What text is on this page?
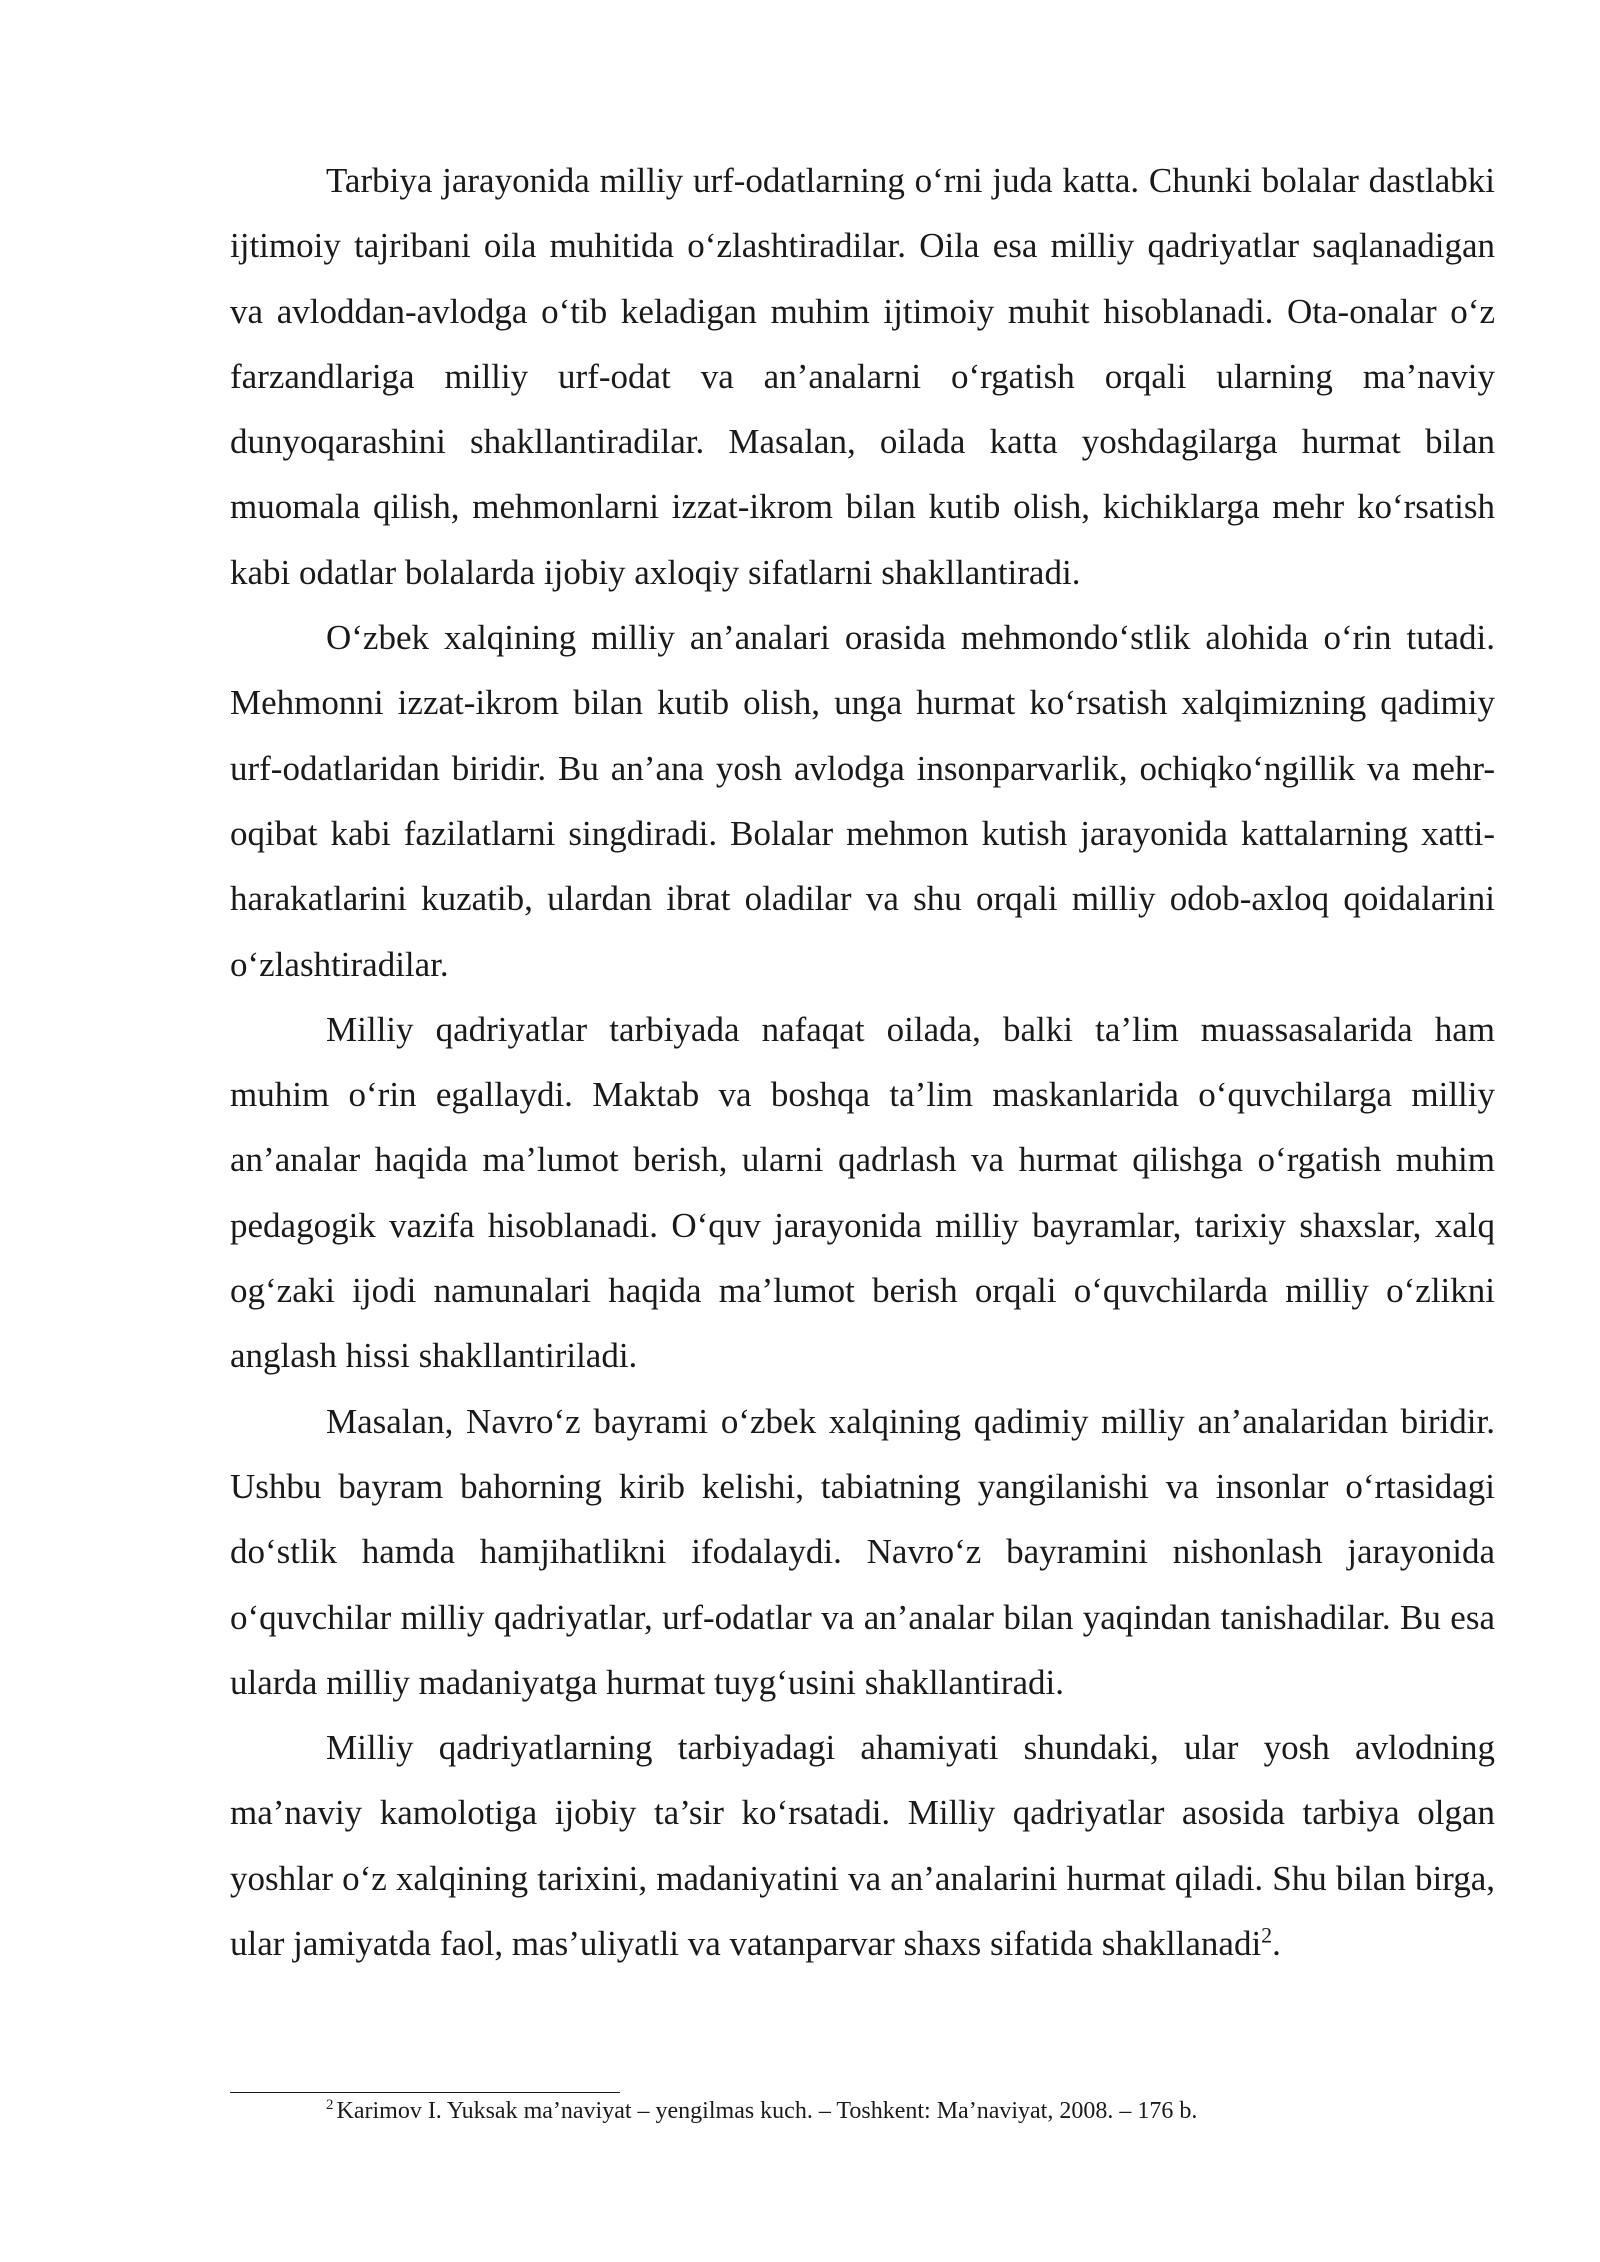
Tarbiya jarayonida milliy urf-odatlarning o‘rni juda katta. Chunki bolalar dastlabki ijtimoiy tajribani oila muhitida o‘zlashtiradilar. Oila esa milliy qadriyatlar saqlanadigan va avloddan-avlodga o‘tib keladigan muhim ijtimoiy muhit hisoblanadi. Ota-onalar o‘z farzandlariga milliy urf-odat va an’analarni o‘rgatish orqali ularning ma’naviy dunyoqarashini shakllantiradilar. Masalan, oilada katta yoshdagilarga hurmat bilan muomala qilish, mehmonlarni izzat-ikrom bilan kutib olish, kichiklarga mehr ko‘rsatish kabi odatlar bolalarda ijobiy axloqiy sifatlarni shakllantiradi.

O‘zbek xalqining milliy an’analari orasida mehmondo‘stlik alohida o‘rin tutadi. Mehmonni izzat-ikrom bilan kutib olish, unga hurmat ko‘rsatish xalqimizning qadimiy urf-odatlaridan biridir. Bu an’ana yosh avlodga insonparvarlik, ochiqko‘ngillik va mehr-oqibat kabi fazilatlarni singdiradi. Bolalar mehmon kutish jarayonida kattalarning xatti-harakatlarini kuzatib, ulardan ibrat oladilar va shu orqali milliy odob-axloq qoidalarini o‘zlashtiradilar.

Milliy qadriyatlar tarbiyada nafaqat oilada, balki ta’lim muassasalarida ham muhim o‘rin egallaydi. Maktab va boshqa ta’lim maskanlarida o‘quvchilarga milliy an’analar haqida ma’lumot berish, ularni qadrlash va hurmat qilishga o‘rgatish muhim pedagogik vazifa hisoblanadi. O‘quv jarayonida milliy bayramlar, tarixiy shaxslar, xalq og‘zaki ijodi namunalari haqida ma’lumot berish orqali o‘quvchilarda milliy o‘zlikni anglash hissi shakllantiriladi.

Masalan, Navro‘z bayrami o‘zbek xalqining qadimiy milliy an’analaridan biridir. Ushbu bayram bahorning kirib kelishi, tabiatning yangilanishi va insonlar o‘rtasidagi do‘stlik hamda hamjihatlikni ifodalaydi. Navro‘z bayramini nishonlash jarayonida o‘quvchilar milliy qadriyatlar, urf-odatlar va an’analar bilan yaqindan tanishadilar. Bu esa ularda milliy madaniyatga hurmat tuyg‘usini shakllantiradi.

Milliy qadriyatlarning tarbiyadagi ahamiyati shundaki, ular yosh avlodning ma’naviy kamolotiga ijobiy ta’sir ko‘rsatadi. Milliy qadriyatlar asosida tarbiya olgan yoshlar o‘z xalqining tarixini, madaniyatini va an’analarini hurmat qiladi. Shu bilan birga, ular jamiyatda faol, mas’uliyatli va vatanparvar shaxs sifatida shakllanadi$^2$.

$^2$ Karimov I. Yuksak ma’naviyat – yengilmas kuch. – Toshkent: Ma’naviyat, 2008. – 176 b.
